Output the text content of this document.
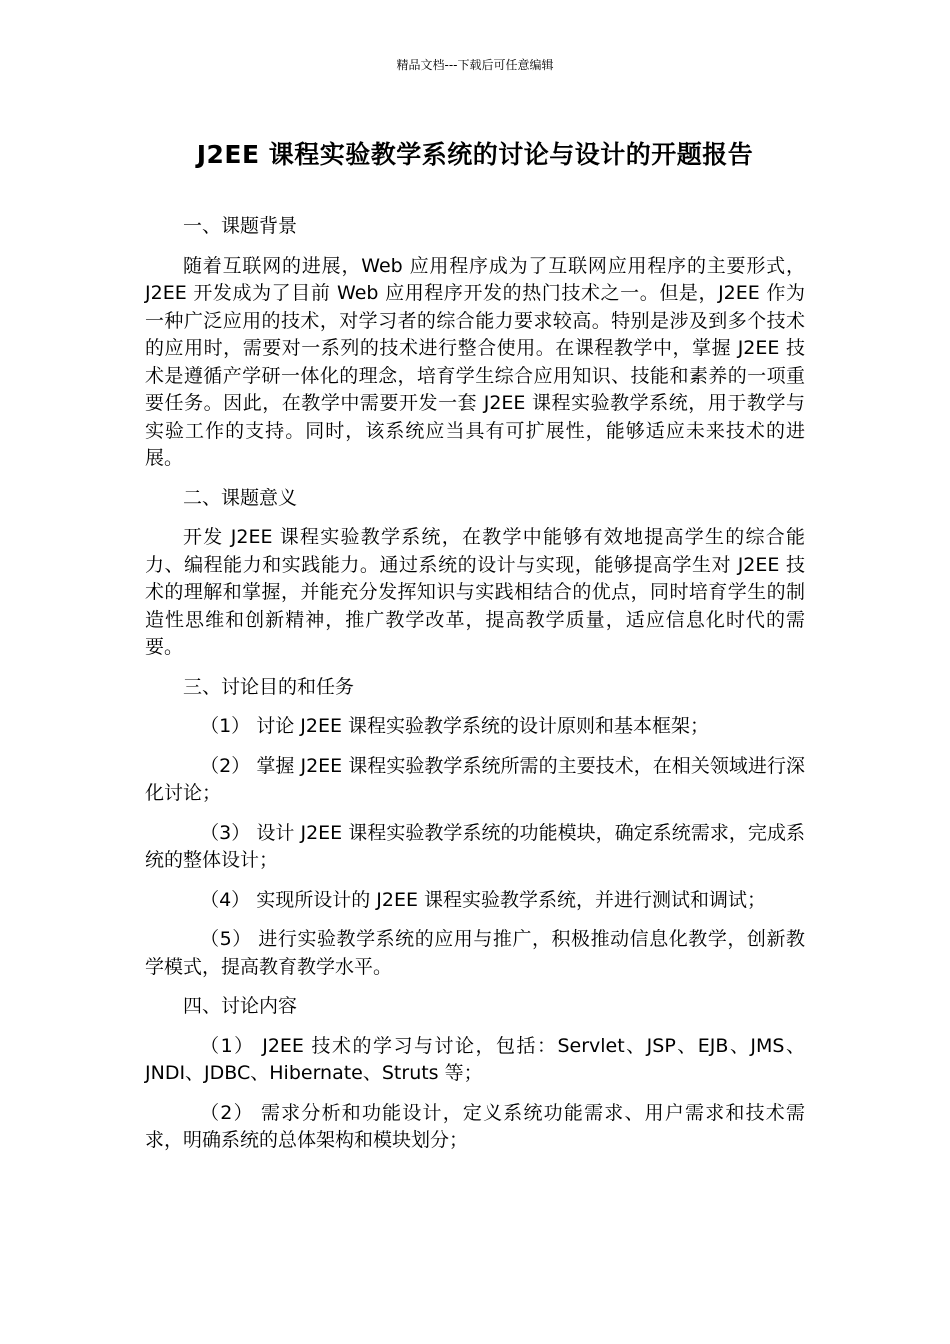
精品文档---下载后可任意编辑
J2EE 课程实验教学系统的讨论与设计的开题报告

一、课题背景

随着互联网的进展，Web 应用程序成为了互联网应用程序的主要形式，J2EE 开发成为了目前 Web 应用程序开发的热门技术之一。但是，J2EE 作为一种广泛应用的技术，对学习者的综合能力要求较高。特别是涉及到多个技术的应用时，需要对一系列的技术进行整合使用。在课程教学中，掌握 J2EE 技术是遵循产学研一体化的理念，培育学生综合应用知识、技能和素养的一项重要任务。因此，在教学中需要开发一套 J2EE 课程实验教学系统，用于教学与实验工作的支持。同时，该系统应当具有可扩展性，能够适应未来技术的进展。

二、课题意义

开发 J2EE 课程实验教学系统，在教学中能够有效地提高学生的综合能力、编程能力和实践能力。通过系统的设计与实现，能够提高学生对 J2EE 技术的理解和掌握，并能充分发挥知识与实践相结合的优点，同时培育学生的制造性思维和创新精神，推广教学改革，提高教学质量，适应信息化时代的需要。

三、讨论目的和任务

（1） 讨论 J2EE 课程实验教学系统的设计原则和基本框架；

（2） 掌握 J2EE 课程实验教学系统所需的主要技术，在相关领域进行深化讨论；

（3） 设计 J2EE 课程实验教学系统的功能模块，确定系统需求，完成系统的整体设计；

（4） 实现所设计的 J2EE 课程实验教学系统，并进行测试和调试；

（5） 进行实验教学系统的应用与推广，积极推动信息化教学，创新教学模式，提高教育教学水平。

四、讨论内容

（1） J2EE 技术的学习与讨论，包括：Servlet、JSP、EJB、JMS、JNDI、JDBC、Hibernate、Struts 等；

（2） 需求分析和功能设计，定义系统功能需求、用户需求和技术需求，明确系统的总体架构和模块划分；
